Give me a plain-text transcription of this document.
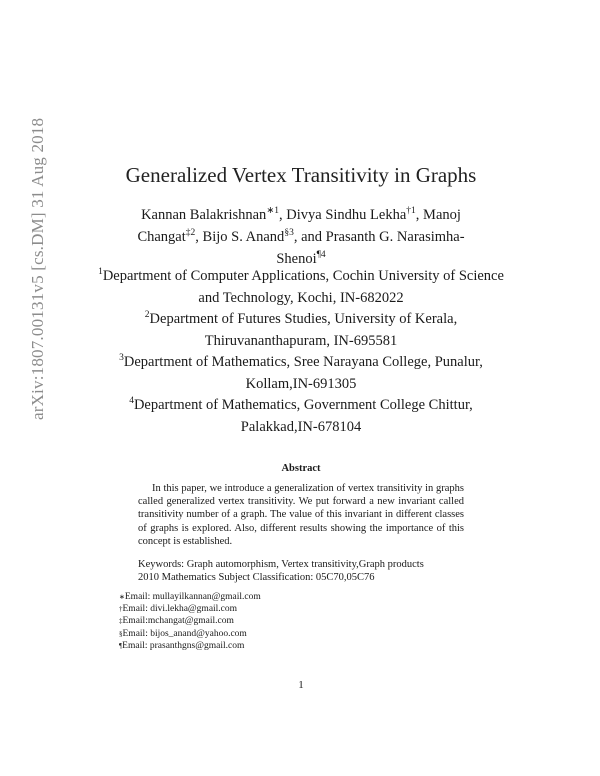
arXiv:1807.00131v5 [cs.DM] 31 Aug 2018	Generalized Vertex Transitivity in Graphs
Kannan Balakrishnan$^{∗1}$, Divya Sindhu Lekha$^{\dagger 1}$, Manoj Changat$^{\ddagger 2}$, Bijo S. Anand$^{\S 3}$, and Prasanth G. Narasimha-Shenoi$^{\P 4}$
$^1$Department of Computer Applications, Cochin University of Science and Technology, Kochi, IN-682022
$^2$Department of Futures Studies, University of Kerala, Thiruvananthapuram, IN-695581
$^3$Department of Mathematics, Sree Narayana College, Punalur, Kollam,IN-691305
$^4$Department of Mathematics, Government College Chittur, Palakkad,IN-678104
Abstract
In this paper, we introduce a generalization of vertex transitivity in graphs called generalized vertex transitivity. We put forward a new invariant called transitivity number of a graph. The value of this invariant in different classes of graphs is explored. Also, different results showing the importance of this concept is established.
Keywords: Graph automorphism, Vertex transitivity,Graph products
2010 Mathematics Subject Classification: 05C70,05C76
∗Email: mullayilkannan@gmail.com
†Email: divi.lekha@gmail.com
‡Email:mchangat@gmail.com
§Email: bijos_anand@yahoo.com
¶Email: prasanthgns@gmail.com
1
